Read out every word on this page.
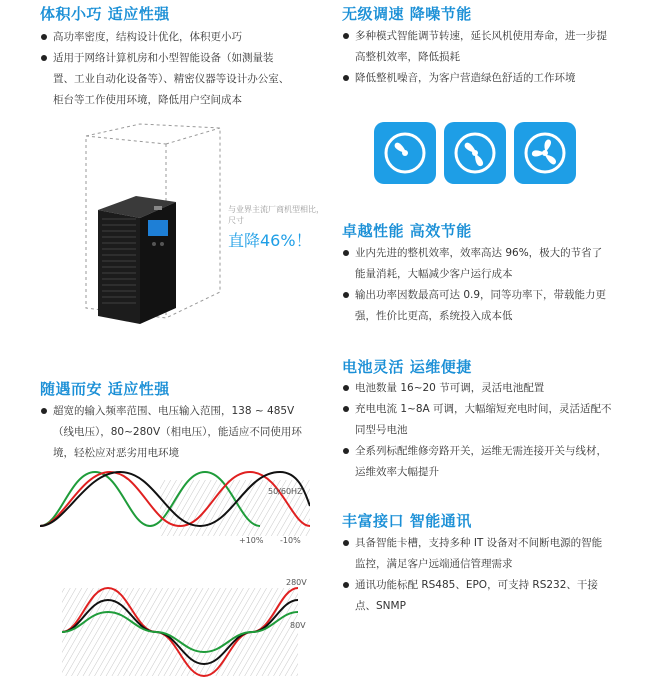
体积小巧 适应性强
高功率密度，结构设计优化，体积更小巧
适用于网络计算机房和小型智能设备（如测量装置、工业自动化设备等）、精密仪器等设计办公室、柜台等工作使用环境，降低用户空间成本
与业界主流厂商机型相比，尺寸
直降46%！
随遇而安 适应性强
超宽的输入频率范围、电压输入范围，138 ~ 485V（线电压），80~280V（相电压），能适应不同使用环境，轻松应对恶劣用电环境
50/60HZ
+10% -10%
280V
80V
无级调速 降噪节能
多种模式智能调节转速，延长风机使用寿命，进一步提高整机效率，降低损耗
降低整机噪音，为客户营造绿色舒适的工作环境
卓越性能 高效节能
业内先进的整机效率，效率高达 96%，极大的节省了能量消耗，大幅减少客户运行成本
输出功率因数最高可达 0.9，同等功率下，带载能力更强，性价比更高，系统投入成本低
电池灵活 运维便捷
电池数量 16~20 节可调，灵活电池配置
充电电流 1~8A 可调，大幅缩短充电时间，灵活适配不同型号电池
全系列标配维修旁路开关，运维无需连接开关与线材，运维效率大幅提升
丰富接口 智能通讯
具备智能卡槽，支持多种 IT 设备对不间断电源的智能监控，满足客户远端通信管理需求
通讯功能标配 RS485、EPO，可支持 RS232、干接点、SNMP
